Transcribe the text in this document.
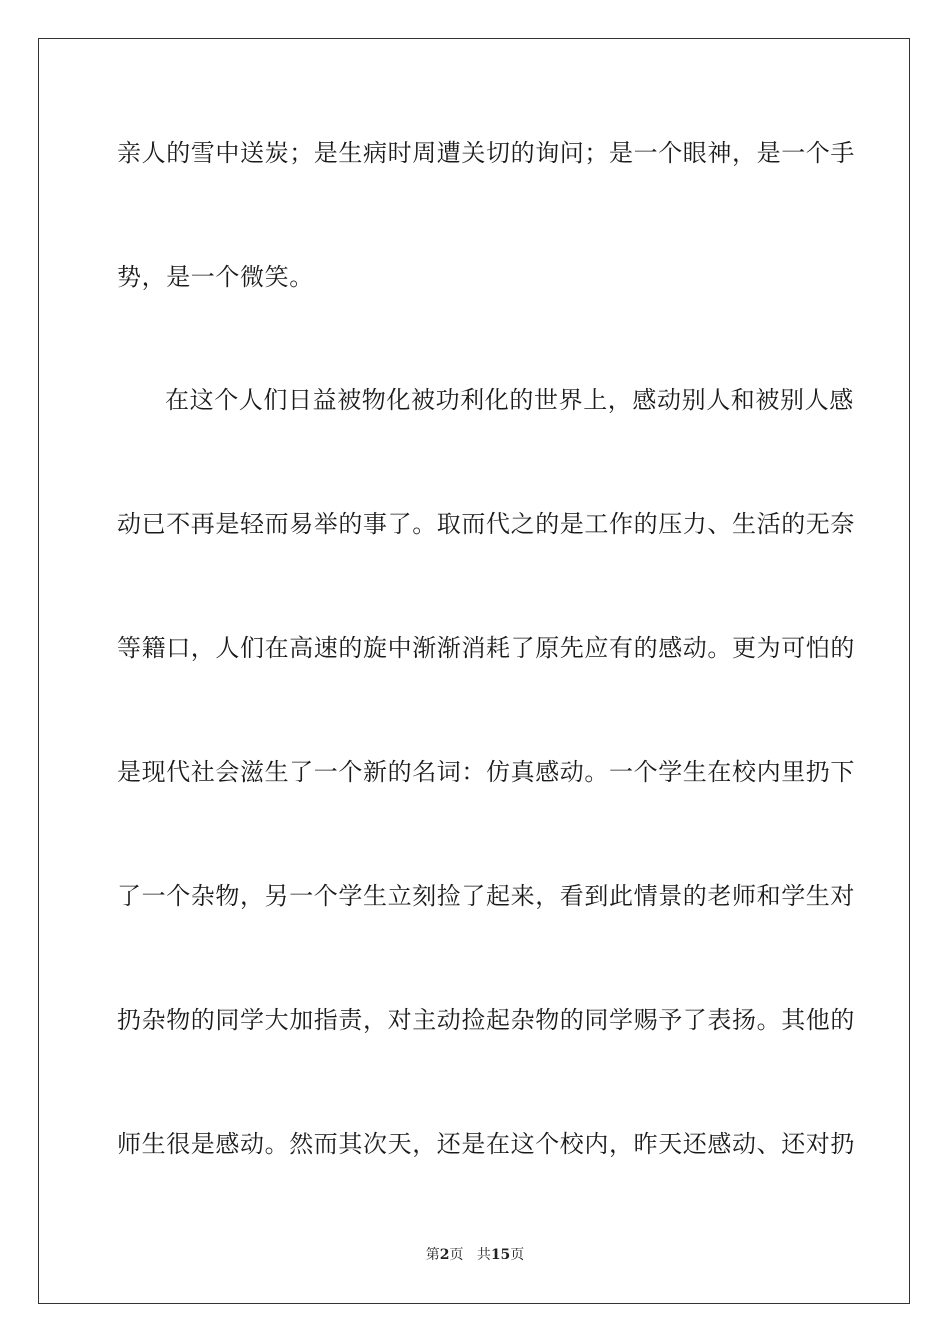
亲人的雪中送炭；是生病时周遭关切的询问；是一个眼神，是一个手
势，是一个微笑。
在这个人们日益被物化被功利化的世界上，感动别人和被别人感
动已不再是轻而易举的事了。取而代之的是工作的压力、生活的无奈
等籍口，人们在高速的旋中渐渐消耗了原先应有的感动。更为可怕的
是现代社会滋生了一个新的名词：仿真感动。一个学生在校内里扔下
了一个杂物，另一个学生立刻捡了起来，看到此情景的老师和学生对
扔杂物的同学大加指责，对主动捡起杂物的同学赐予了表扬。其他的
师生很是感动。然而其次天，还是在这个校内，昨天还感动、还对扔
第2页 共15页
